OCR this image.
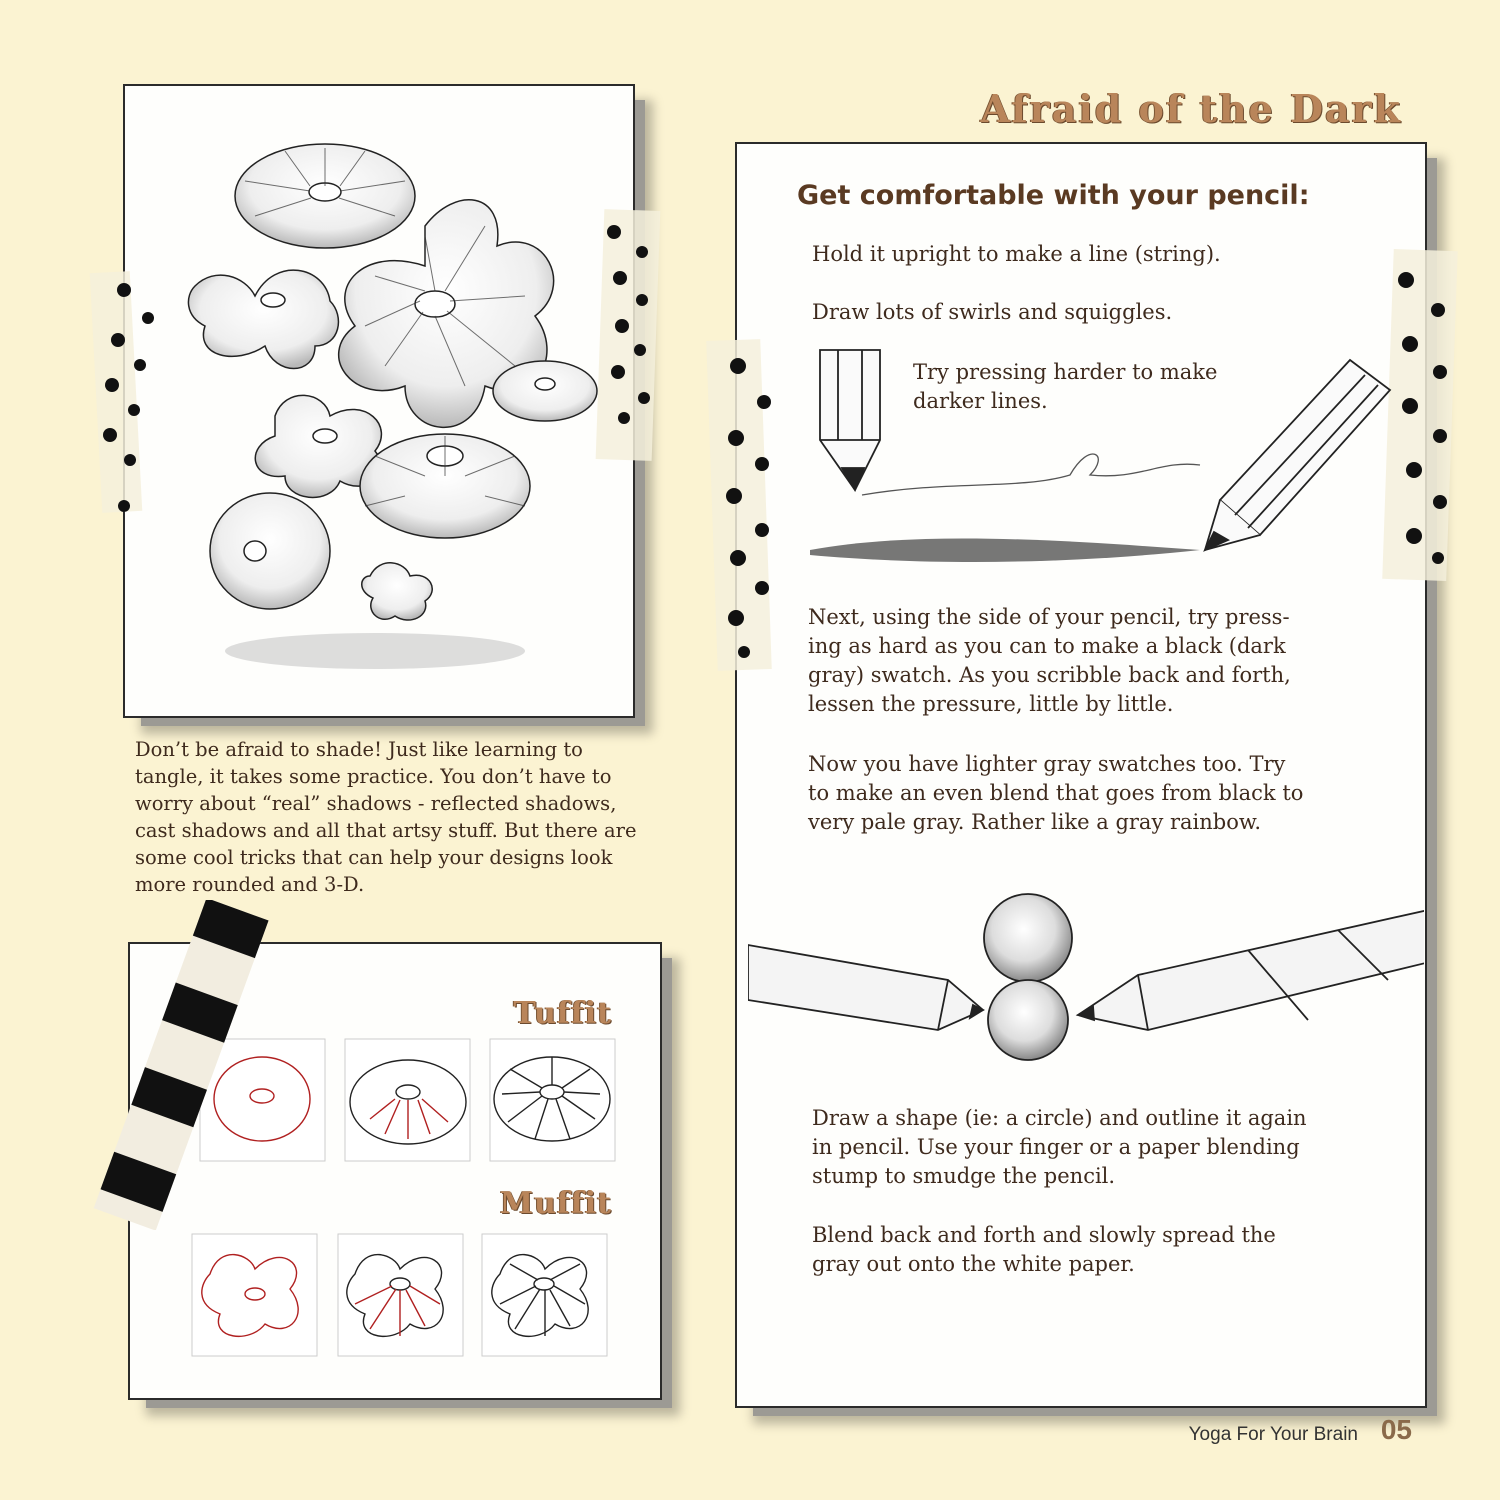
Afraid of the Dark

Don’t be afraid to shade! Just like learning to tangle, it takes some practice. You don’t have to worry about “real” shadows - reflected shadows, cast shadows and all that artsy stuff. But there are some cool tricks that can help your designs look more rounded and 3-D.

Tuffit
Muffit
Get comfortable with your pencil:

Hold it upright to make a line (string).

Draw lots of swirls and squiggles.

Try pressing harder to make
darker lines.
Next, using the side of your pencil, try press-
ing as hard as you can to make a black (dark
gray) swatch. As you scribble back and forth,
lessen the pressure, little by little.
Now you have lighter gray swatches too. Try
to make an even blend that goes from black to
very pale gray. Rather like a gray rainbow.
Draw a shape (ie: a circle) and outline it again
in pencil. Use your finger or a paper blending
stump to smudge the pencil.
Blend back and forth and slowly spread the
gray out onto the white paper.
Yoga For Your Brain 05
